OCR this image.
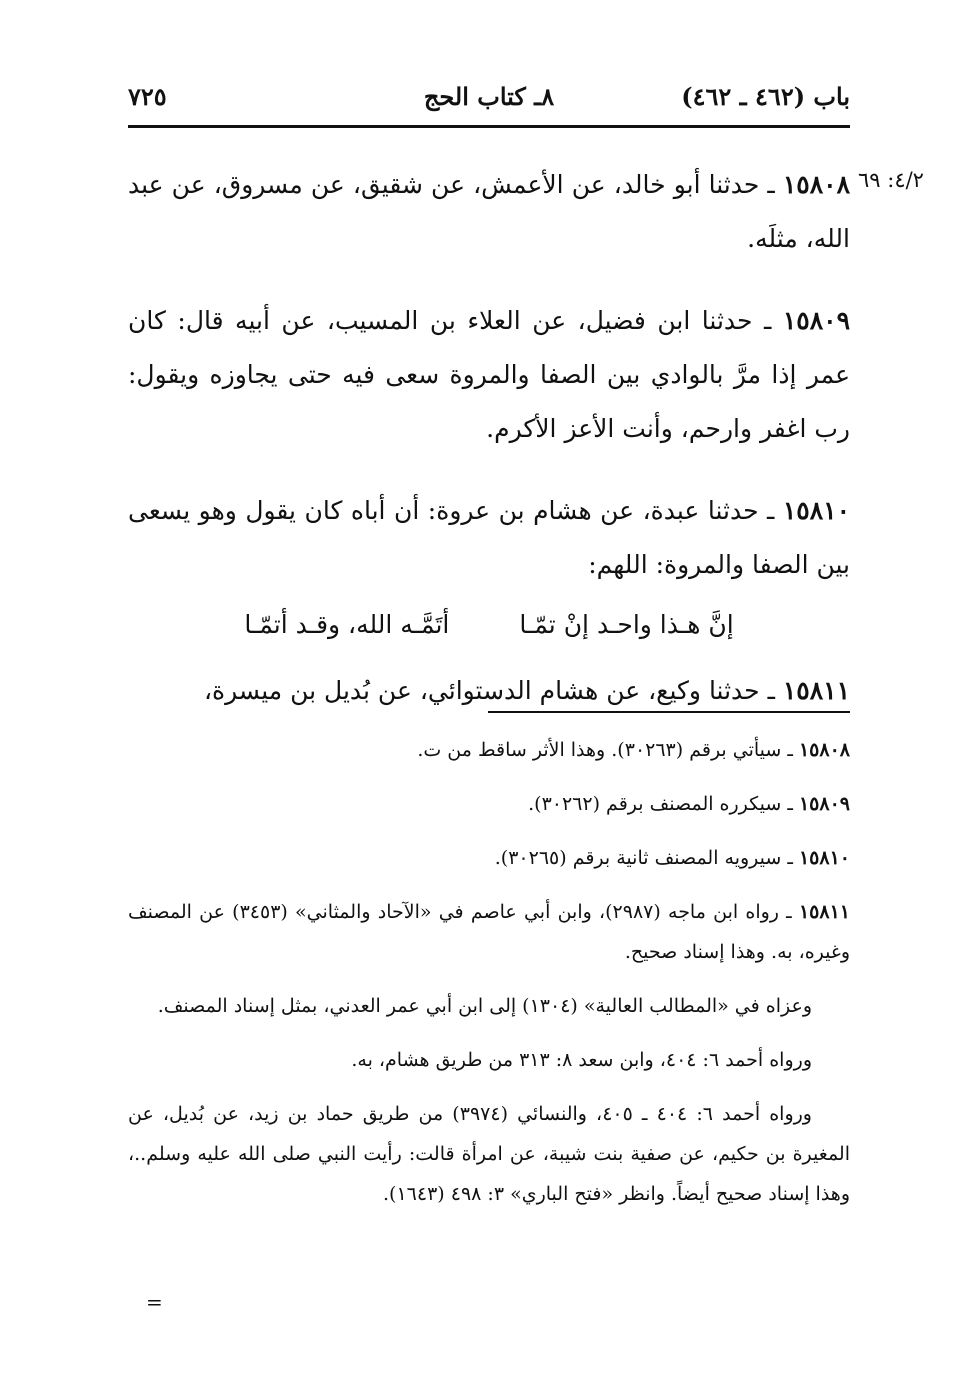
باب (٤٦٢ ـ ٤٦٢)
٨ـ كتاب الحج
٧٢٥
٤/٢: ٦٩

١٥٨٠٨ ـ حدثنا أبو خالد، عن الأعمش، عن شقيق، عن مسروق، عن عبد الله، مثلَه.

١٥٨٠٩ ـ حدثنا ابن فضيل، عن العلاء بن المسيب، عن أبيه قال: كان عمر إذا مرَّ بالوادي بين الصفا والمروة سعى فيه حتى يجاوزه ويقول: رب اغفر وارحم، وأنت الأعز الأكرم.

١٥٨١٠ ـ حدثنا عبدة، عن هشام بن عروة: أن أباه كان يقول وهو يسعى بين الصفا والمروة: اللهم:

إنَّ هـذا واحـد إنْ تمّـا
أتَمَّـه الله، وقـد أتمّـا

١٥٨١١ ـ حدثنا وكيع، عن هشام الدستوائي، عن بُديل بن ميسرة،

١٥٨٠٨ ـ سيأتي برقم (٣٠٢٦٣). وهذا الأثر ساقط من ت.

١٥٨٠٩ ـ سيكرره المصنف برقم (٣٠٢٦٢).

١٥٨١٠ ـ سيرويه المصنف ثانية برقم (٣٠٢٦٥).

١٥٨١١ ـ رواه ابن ماجه (٢٩٨٧)، وابن أبي عاصم في «الآحاد والمثاني» (٣٤٥٣) عن المصنف وغيره، به. وهذا إسناد صحيح.

وعزاه في «المطالب العالية» (١٣٠٤) إلى ابن أبي عمر العدني، بمثل إسناد المصنف.

ورواه أحمد ٦: ٤٠٤، وابن سعد ٨: ٣١٣ من طريق هشام، به.

ورواه أحمد ٦: ٤٠٤ ـ ٤٠٥، والنسائي (٣٩٧٤) من طريق حماد بن زيد، عن بُديل، عن المغيرة بن حكيم، عن صفية بنت شيبة، عن امرأة قالت: رأيت النبي صلى الله عليه وسلم..، وهذا إسناد صحيح أيضاً. وانظر «فتح الباري» ٣: ٤٩٨ (١٦٤٣).

=
